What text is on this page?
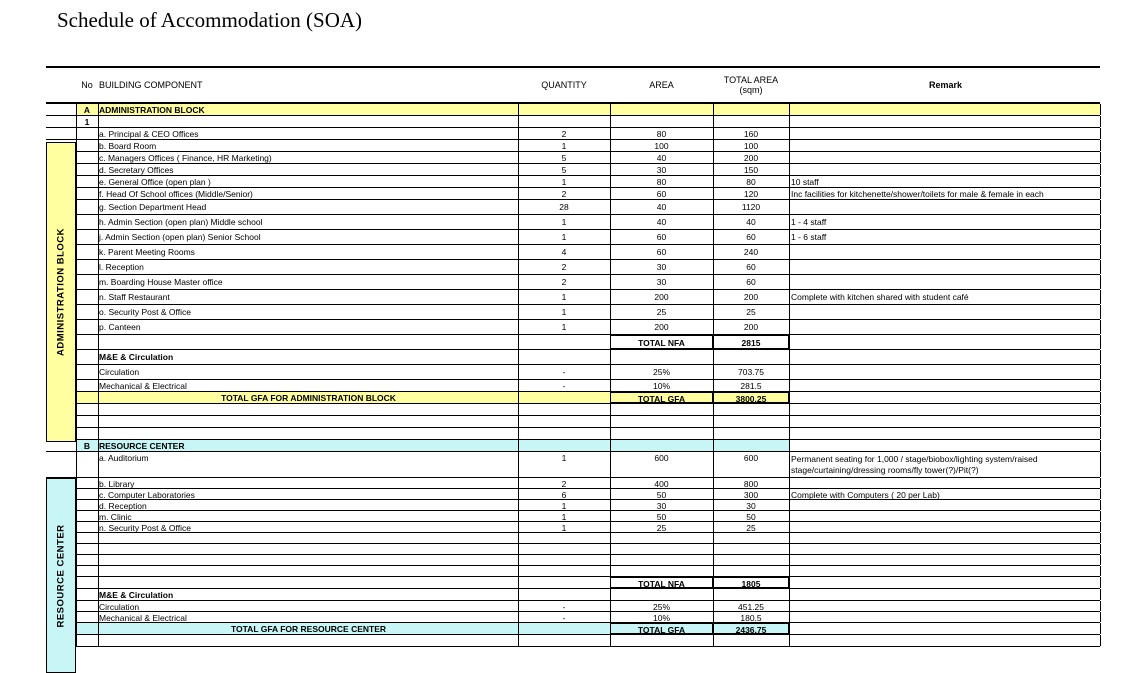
Schedule of Accommodation (SOA)
No BUILDING COMPONENT	QUANTITY	AREA	TOTAL AREA
(sqm)	Remark
A	ADMINISTRATION BLOCK
1
a. Principal & CEO Offices	2	80	160
b. Board Room	1	100	100
c. Managers Offices ( Finance, HR Marketing)	5	40	200
d. Secretary Offices	5	30	150
e. General Office (open plan )	1	80	80	10 staff
f. Head Of School offices (Middle/Senior)	2	60	120	Inc facilities for kitchenette/shower/toilets for male & female in each
g. Section Department Head	28	40	1120
h. Admin Section (open plan) Middle school	1	40	40	1 - 4 staff
j. Admin Section (open plan) Senior School	1	60	60	1 - 6 staff
k. Parent Meeting Rooms	4	60	240
l. Reception	2	30	60
m. Boarding House Master office	2	30	60
n. Staff Restaurant	1	200	200	Complete with kitchen shared with student café
o. Security Post & Office	1	25	25
p. Canteen	1	200	200
TOTAL NFA	2815
M&E & Circulation
Circulation	-	25%	703.75
Mechanical & Electrical	-	10%	281.5
TOTAL GFA FOR ADMINISTRATION BLOCK	TOTAL GFA	3800.25
B	RESOURCE CENTER
a. Auditorium	1	600	600	Permanent seating for 1,000 / stage/biobox/lighting system/raised
stage/curtaining/dressing rooms/fly tower(?)/Pit(?)
b. Library	2	400	800
c. Computer Laboratories	6	50	300	Complete with Computers ( 20 per Lab)
d. Reception	1	30	30
m. Clinic	1	50	50
n. Security Post & Office	1	25	25
TOTAL NFA	1805
M&E & Circulation
Circulation	-	25%	451.25
Mechanical & Electrical	-	10%	180.5
TOTAL GFA FOR RESOURCE CENTER	TOTAL GFA	2436.75
ADMINISTRATION BLOCK
RESOURCE CENTER
